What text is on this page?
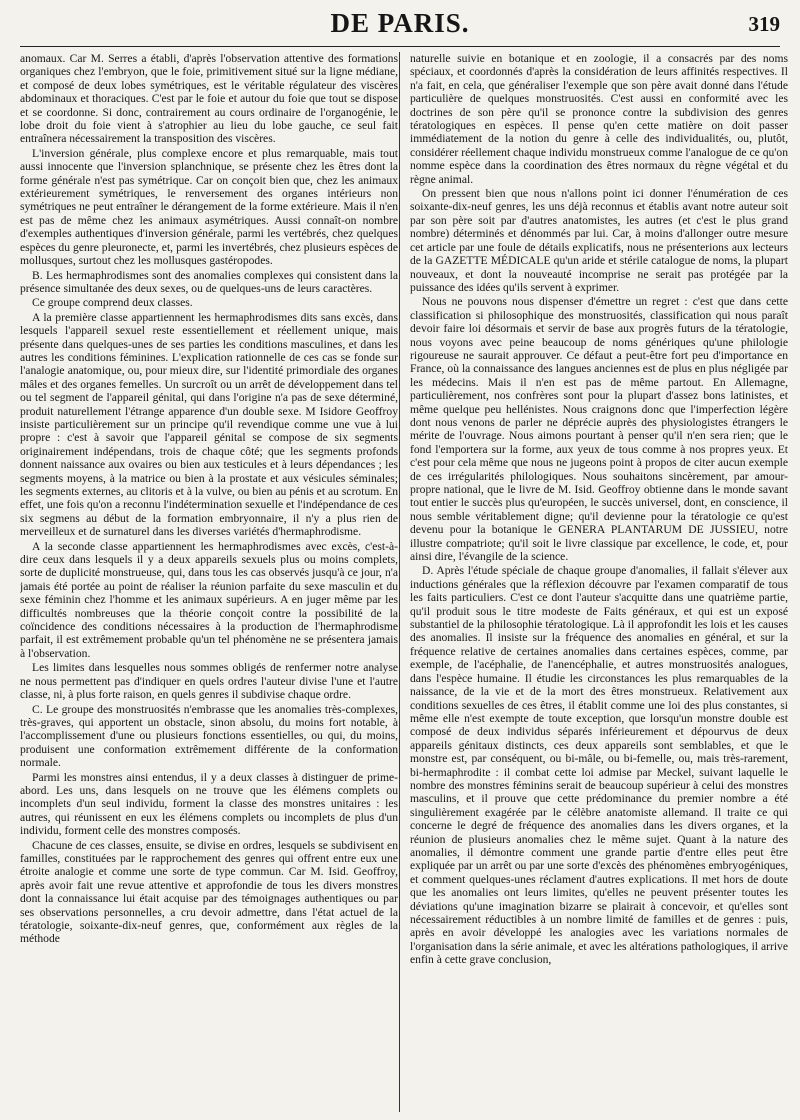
DE PARIS.	319

anomaux. Car M. Serres a établi, d'après l'observation attentive des formations organiques chez l'embryon, que le foie, primitivement situé sur la ligne médiane, et composé de deux lobes symétriques, est le véritable régulateur des viscères abdominaux et thoraciques. C'est par le foie et autour du foie que tout se dispose et se coordonne. Si donc, contrairement au cours ordinaire de l'organogénie, le lobe droit du foie vient à s'atrophier au lieu du lobe gauche, ce seul fait entraînera nécessairement la transposition des viscères.

L'inversion générale, plus complexe encore et plus remarquable, mais tout aussi innocente que l'inversion splanchnique, se présente chez les êtres dont la forme générale n'est pas symétrique. Car on conçoit bien que, chez les animaux extérieurement symétriques, le renversement des organes intérieurs non symétriques ne peut entraîner le dérangement de la forme extérieure. Mais il n'en est pas de même chez les animaux asymétriques. Aussi connaît-on nombre d'exemples authentiques d'inversion générale, parmi les vertébrés, chez quelques espèces du genre pleuronecte, et, parmi les invertébrés, chez plusieurs espèces de mollusques, surtout chez les mollusques gastéropodes.

B. Les hermaphrodismes sont des anomalies complexes qui consistent dans la présence simultanée des deux sexes, ou de quelques-uns de leurs caractères.

Ce groupe comprend deux classes.

A la première classe appartiennent les hermaphrodismes dits sans excès, dans lesquels l'appareil sexuel reste essentiellement et réellement unique, mais présente dans quelques-unes de ses parties les conditions masculines, et dans les autres les conditions féminines. L'explication rationnelle de ces cas se fonde sur l'analogie anatomique, ou, pour mieux dire, sur l'identité primordiale des organes mâles et des organes femelles. Un surcroît ou un arrêt de développement dans tel ou tel segment de l'appareil génital, qui dans l'origine n'a pas de sexe déterminé, produit naturellement l'étrange apparence d'un double sexe. M Isidore Geoffroy insiste particulièrement sur un principe qu'il revendique comme une vue à lui propre : c'est à savoir que l'appareil génital se compose de six segments originairement indépendans, trois de chaque côté; que les segments profonds donnent naissance aux ovaires ou bien aux testicules et à leurs dépendances ; les segments moyens, à la matrice ou bien à la prostate et aux vésicules séminales; les segments externes, au clitoris et à la vulve, ou bien au pénis et au scrotum. En effet, une fois qu'on a reconnu l'indétermination sexuelle et l'indépendance de ces six segmens au début de la formation embryonnaire, il n'y a plus rien de merveilleux et de surnaturel dans les diverses variétés d'hermaphrodisme.

A la seconde classe appartiennent les hermaphrodismes avec excès, c'est-à-dire ceux dans lesquels il y a deux appareils sexuels plus ou moins complets, sorte de duplicité monstrueuse, qui, dans tous les cas observés jusqu'à ce jour, n'a jamais été portée au point de réaliser la réunion parfaite du sexe masculin et du sexe féminin chez l'homme et les animaux supérieurs. A en juger même par les difficultés nombreuses que la théorie conçoit contre la possibilité de la coïncidence des conditions nécessaires à la production de l'hermaphrodisme parfait, il est extrêmement probable qu'un tel phénomène ne se présentera jamais à l'observation.

Les limites dans lesquelles nous sommes obligés de renfermer notre analyse ne nous permettent pas d'indiquer en quels ordres l'auteur divise l'une et l'autre classe, ni, à plus forte raison, en quels genres il subdivise chaque ordre.

C. Le groupe des monstruosités n'embrasse que les anomalies très-complexes, très-graves, qui apportent un obstacle, sinon absolu, du moins fort notable, à l'accomplissement d'une ou plusieurs fonctions essentielles, ou qui, du moins, produisent une conformation extrêmement différente de la conformation normale.

Parmi les monstres ainsi entendus, il y a deux classes à distinguer de prime-abord. Les uns, dans lesquels on ne trouve que les élémens complets ou incomplets d'un seul individu, forment la classe des monstres unitaires : les autres, qui réunissent en eux les élémens complets ou incomplets de plus d'un individu, forment celle des monstres composés.

Chacune de ces classes, ensuite, se divise en ordres, lesquels se subdivisent en familles, constituées par le rapprochement des genres qui offrent entre eux une étroite analogie et comme une sorte de type commun. Car M. Isid. Geoffroy, après avoir fait une revue attentive et approfondie de tous les divers monstres dont la connaissance lui était acquise par des témoignages authentiques ou par ses observations personnelles, a cru devoir admettre, dans l'état actuel de la tératologie, soixante-dix-neuf genres, que, conformément aux règles de la méthode

naturelle suivie en botanique et en zoologie, il a consacrés par des noms spéciaux, et coordonnés d'après la considération de leurs affinités respectives. Il n'a fait, en cela, que généraliser l'exemple que son père avait donné dans l'étude particulière de quelques monstruosités. C'est aussi en conformité avec les doctrines de son père qu'il se prononce contre la subdivision des genres tératologiques en espèces. Il pense qu'en cette matière on doit passer immédiatement de la notion du genre à celle des individualités, ou, plutôt, considérer réellement chaque individu monstrueux comme l'analogue de ce qu'on nomme espèce dans la coordination des êtres normaux du règne végétal et du règne animal.

On pressent bien que nous n'allons point ici donner l'énumération de ces soixante-dix-neuf genres, les uns déjà reconnus et établis avant notre auteur soit par son père soit par d'autres anatomistes, les autres (et c'est le plus grand nombre) déterminés et dénommés par lui. Car, à moins d'allonger outre mesure cet article par une foule de détails explicatifs, nous ne présenterions aux lecteurs de la GAZETTE MÉDICALE qu'un aride et stérile catalogue de noms, la plupart nouveaux, et dont la nouveauté incomprise ne serait pas protégée par la puissance des idées qu'ils servent à exprimer.

Nous ne pouvons nous dispenser d'émettre un regret : c'est que dans cette classification si philosophique des monstruosités, classification qui nous paraît devoir faire loi désormais et servir de base aux progrès futurs de la tératologie, nous voyons avec peine beaucoup de noms génériques qu'une philologie rigoureuse ne saurait approuver. Ce défaut a peut-être fort peu d'importance en France, où la connaissance des langues anciennes est de plus en plus négligée par les médecins. Mais il n'en est pas de même partout. En Allemagne, particulièrement, nos confrères sont pour la plupart d'assez bons latinistes, et même quelque peu hellénistes. Nous craignons donc que l'imperfection légère dont nous venons de parler ne déprécie auprès des physiologistes étrangers le mérite de l'ouvrage. Nous aimons pourtant à penser qu'il n'en sera rien; que le fond l'emportera sur la forme, aux yeux de tous comme à nos propres yeux. Et c'est pour cela même que nous ne jugeons point à propos de citer aucun exemple de ces irrégularités philologiques. Nous souhaitons sincèrement, par amour-propre national, que le livre de M. Isid. Geoffroy obtienne dans le monde savant tout entier le succès plus qu'européen, le succès universel, dont, en conscience, il nous semble véritablement digne; qu'il devienne pour la tératologie ce qu'est devenu pour la botanique le GENERA PLANTARUM DE JUSSIEU, notre illustre compatriote; qu'il soit le livre classique par excellence, le code, et, pour ainsi dire, l'évangile de la science.

D. Après l'étude spéciale de chaque groupe d'anomalies, il fallait s'élever aux inductions générales que la réflexion découvre par l'examen comparatif de tous les faits particuliers. C'est ce dont l'auteur s'acquitte dans une quatrième partie, qu'il produit sous le titre modeste de Faits généraux, et qui est un exposé substantiel de la philosophie tératologique. Là il approfondit les lois et les causes des anomalies. Il insiste sur la fréquence des anomalies en général, et sur la fréquence relative de certaines anomalies dans certaines espèces, comme, par exemple, de l'acéphalie, de l'anencéphalie, et autres monstruosités analogues, dans l'espèce humaine. Il étudie les circonstances les plus remarquables de la naissance, de la vie et de la mort des êtres monstrueux. Relativement aux conditions sexuelles de ces êtres, il établit comme une loi des plus constantes, si même elle n'est exempte de toute exception, que lorsqu'un monstre double est composé de deux individus séparés inférieurement et dépourvus de deux appareils génitaux distincts, ces deux appareils sont semblables, et que le monstre est, par conséquent, ou bi-mâle, ou bi-femelle, ou, mais très-rarement, bi-hermaphrodite : il combat cette loi admise par Meckel, suivant laquelle le nombre des monstres féminins serait de beaucoup supérieur à celui des monstres masculins, et il prouve que cette prédominance du premier nombre a été singulièrement exagérée par le célèbre anatomiste allemand. Il traite ce qui concerne le degré de fréquence des anomalies dans les divers organes, et la réunion de plusieurs anomalies chez le même sujet. Quant à la nature des anomalies, il démontre comment une grande partie d'entre elles peut être expliquée par un arrêt ou par une sorte d'excès des phénomènes embryogéniques, et comment quelques-unes réclament d'autres explications. Il met hors de doute que les anomalies ont leurs limites, qu'elles ne peuvent présenter toutes les déviations qu'une imagination bizarre se plairait à concevoir, et qu'elles sont nécessairement réductibles à un nombre limité de familles et de genres : puis, après en avoir développé les analogies avec les variations normales de l'organisation dans la série animale, et avec les altérations pathologiques, il arrive enfin à cette grave conclusion,
